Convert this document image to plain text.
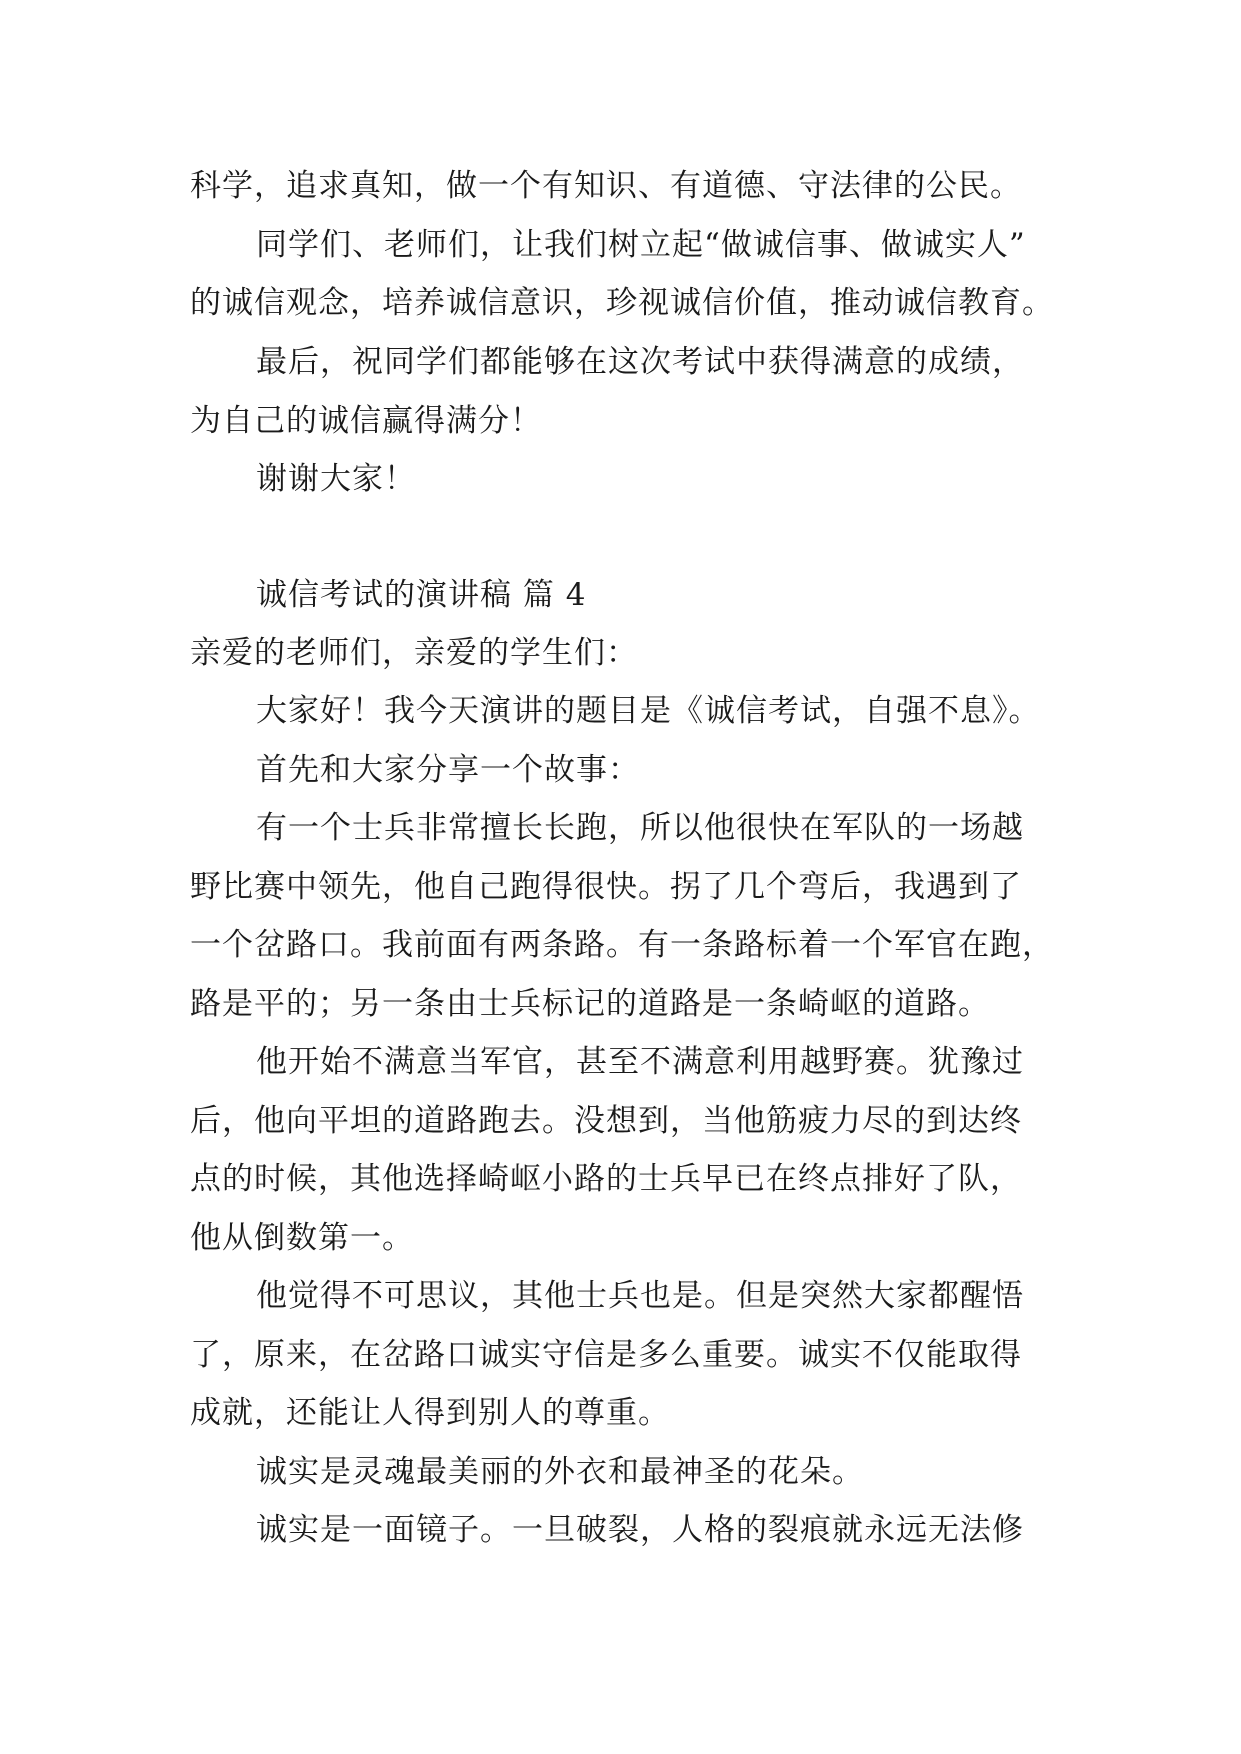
科学，追求真知，做一个有知识、有道德、守法律的公民。
同学们、老师们，让我们树立起“做诚信事、做诚实人”
的诚信观念，培养诚信意识，珍视诚信价值，推动诚信教育。
最后，祝同学们都能够在这次考试中获得满意的成绩，
为自己的诚信赢得满分！
谢谢大家！
诚信考试的演讲稿 篇 4
亲爱的老师们，亲爱的学生们：
大家好！我今天演讲的题目是《诚信考试，自强不息》。
首先和大家分享一个故事：
有一个士兵非常擅长长跑，所以他很快在军队的一场越
野比赛中领先，他自己跑得很快。拐了几个弯后，我遇到了
一个岔路口。我前面有两条路。有一条路标着一个军官在跑，
路是平的；另一条由士兵标记的道路是一条崎岖的道路。
他开始不满意当军官，甚至不满意利用越野赛。犹豫过
后，他向平坦的道路跑去。没想到，当他筋疲力尽的到达终
点的时候，其他选择崎岖小路的士兵早已在终点排好了队，
他从倒数第一。
他觉得不可思议，其他士兵也是。但是突然大家都醒悟
了，原来，在岔路口诚实守信是多么重要。诚实不仅能取得
成就，还能让人得到别人的尊重。
诚实是灵魂最美丽的外衣和最神圣的花朵。
诚实是一面镜子。一旦破裂，人格的裂痕就永远无法修
